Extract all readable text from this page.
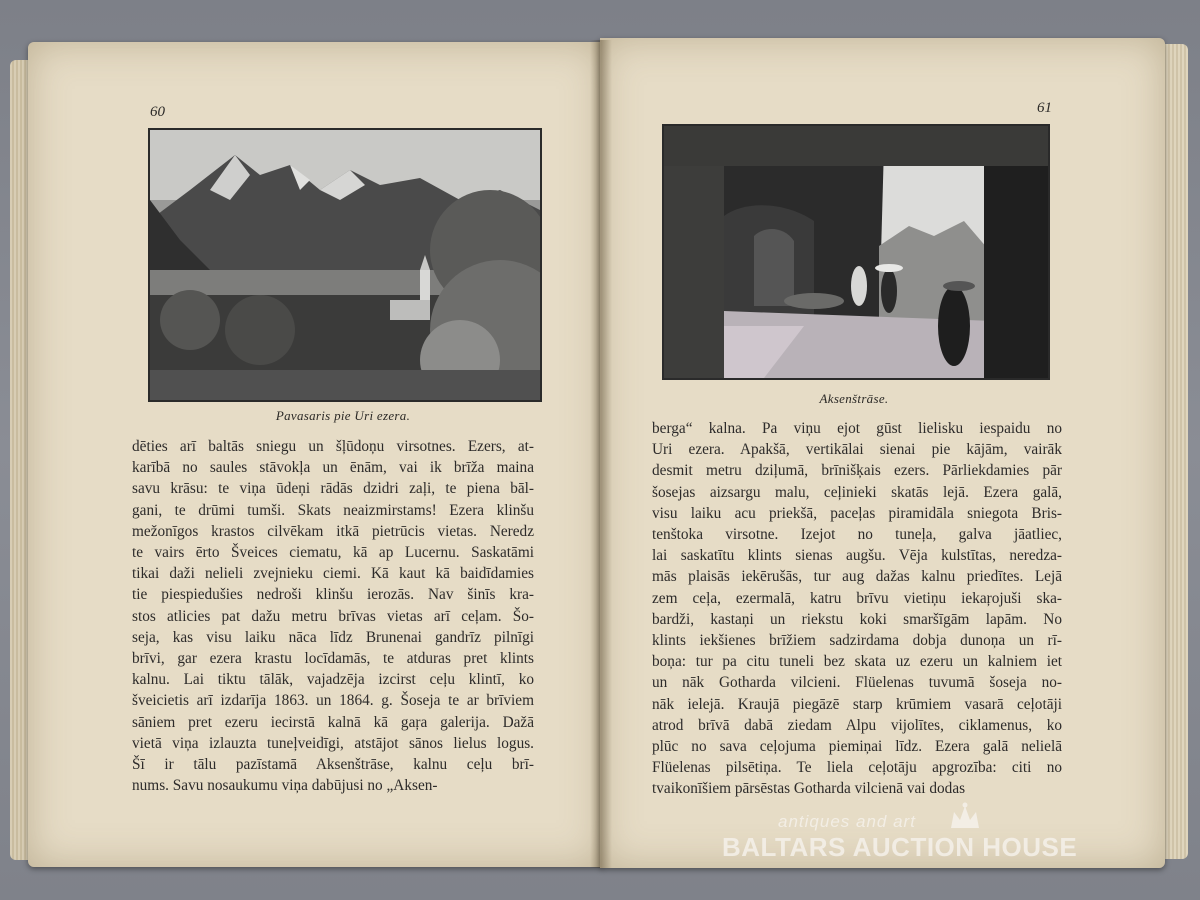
60
Pavasaris pie Uri ezera.
dēties arī baltās sniegu un šļūdoņu virsotnes. Ezers, at-
karībā no saules stāvokļa un ēnām, vai ik brīža maina
savu krāsu: te viņa ūdeņi rādās dzidri zaļi, te piena bāl-
gani, te drūmi tumši. Skats neaizmirstams! Ezera klinšu
mežonīgos krastos cilvēkam itkā pietrūcis vietas. Neredz
te vairs ērto Šveices ciematu, kā ap Lucernu. Saskatāmi
tikai daži nelieli zvejnieku ciemi. Kā kaut kā baidīdamies
tie piespiedušies nedroši klinšu ierozās. Nav šinīs kra-
stos atlicies pat dažu metru brīvas vietas arī ceļam. Šo-
seja, kas visu laiku nāca līdz Brunenai gandrīz pilnīgi
brīvi, gar ezera krastu locīdamās, te atduras pret klints
kalnu. Lai tiktu tālāk, vajadzēja izcirst ceļu klintī, ko
šveicietis arī izdarīja 1863. un 1864. g. Šoseja te ar brīviem
sāniem pret ezeru iecirstā kalnā kā gaŗa galerija. Dažā
vietā viņa izlauzta tuneļveidīgi, atstājot sānos lielus logus.
Šī ir tālu pazīstamā Aksenštrāse, kalnu ceļu brī-
nums. Savu nosaukumu viņa dabūjusi no „Aksen-
61
Aksenštrāse.
berga“ kalna. Pa viņu ejot gūst lielisku iespaidu no
Uri ezera. Apakšā, vertikālai sienai pie kājām, vairāk
desmit metru dziļumā, brīnišķais ezers. Pārliekdamies pār
šosejas aizsargu malu, ceļinieki skatās lejā. Ezera galā,
visu laiku acu priekšā, paceļas piramidāla sniegota Bris-
tenštoka virsotne. Izejot no tuneļa, galva jāatliec,
lai saskatītu klints sienas augšu. Vēja kulstītas, neredza-
mās plaisās iekērušās, tur aug dažas kalnu priedītes. Lejā
zem ceļa, ezermalā, katru brīvu vietiņu iekaŗojuši ska-
bardži, kastaņi un riekstu koki smaršīgām lapām. No
klints iekšienes brīžiem sadzirdama dobja dunoņa un rī-
boņa: tur pa citu tuneli bez skata uz ezeru un kalniem iet
un nāk Gotharda vilcieni. Flüelenas tuvumā šoseja no-
nāk ielejā. Kraujā piegāzē starp krūmiem vasarā ceļotāji
atrod brīvā dabā ziedam Alpu vijolītes, ciklamenus, ko
plūc no sava ceļojuma piemiņai līdz. Ezera galā nelielā
Flüelenas pilsētiņa. Te liela ceļotāju apgrozība: citi no
tvaikonīšiem pārsēstas Gotharda vilcienā vai dodas
antiques and art
BALTARS AUCTION HOUSE
